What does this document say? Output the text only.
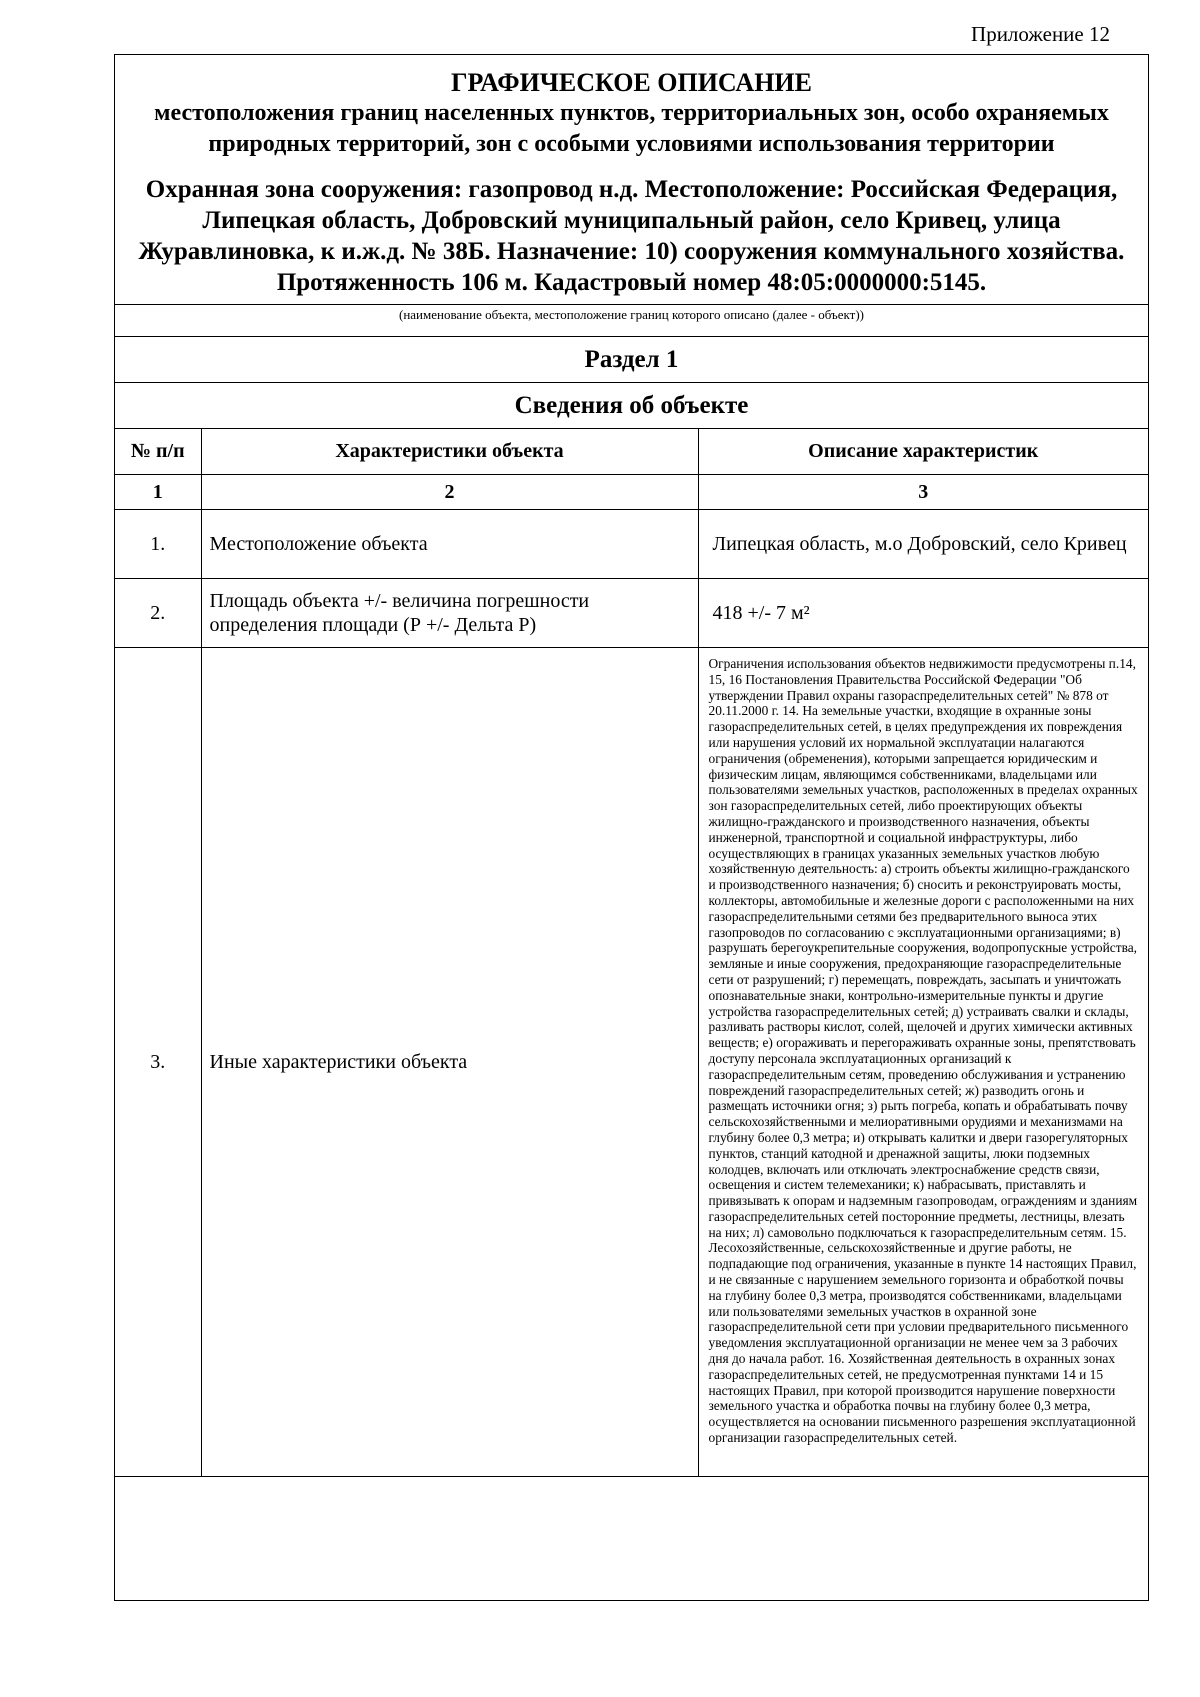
Приложение 12
ГРАФИЧЕСКОЕ ОПИСАНИЕ
местоположения границ населенных пунктов, территориальных зон, особо охраняемых природных территорий, зон с особыми условиями использования территории
Охранная зона сооружения: газопровод н.д. Местоположение: Российская Федерация, Липецкая область, Добровский муниципальный район, село Кривец, улица Журавлиновка, к и.ж.д. № 38Б. Назначение: 10) сооружения коммунального хозяйства. Протяженность 106 м. Кадастровый номер 48:05:0000000:5145.
(наименование объекта, местоположение границ которого описано (далее - объект))
Раздел 1
Сведения об объекте
№ п/п	Характеристики объекта	Описание характеристик
1	2	3
1.	Местоположение объекта	Липецкая область, м.о Добровский, село Кривец
2.	Площадь объекта +/- величина погрешности определения площади (Р +/- Дельта Р)	418 +/- 7 м²
3.	Иные характеристики объекта	Ограничения использования объектов недвижимости предусмотрены п.14, 15, 16 Постановления Правительства Российской Федерации "Об утверждении Правил охраны газораспределительных сетей" № 878 от 20.11.2000 г. 14. На земельные участки, входящие в охранные зоны газораспределительных сетей, в целях предупреждения их повреждения или нарушения условий их нормальной эксплуатации налагаются ограничения (обременения), которыми запрещается юридическим и физическим лицам, являющимся собственниками, владельцами или пользователями земельных участков, расположенных в пределах охранных зон газораспределительных сетей, либо проектирующих объекты жилищно-гражданского и производственного назначения, объекты инженерной, транспортной и социальной инфраструктуры, либо осуществляющих в границах указанных земельных участков любую хозяйственную деятельность: а) строить объекты жилищно-гражданского и производственного назначения; б) сносить и реконструировать мосты, коллекторы, автомобильные и железные дороги с расположенными на них газораспределительными сетями без предварительного выноса этих газопроводов по согласованию с эксплуатационными организациями; в) разрушать берегоукрепительные сооружения, водопропускные устройства, земляные и иные сооружения, предохраняющие газораспределительные сети от разрушений; г) перемещать, повреждать, засыпать и уничтожать опознавательные знаки, контрольно-измерительные пункты и другие устройства газораспределительных сетей; д) устраивать свалки и склады, разливать растворы кислот, солей, щелочей и других химически активных веществ; е) огораживать и перегораживать охранные зоны, препятствовать доступу персонала эксплуатационных организаций к газораспределительным сетям, проведению обслуживания и устранению повреждений газораспределительных сетей; ж) разводить огонь и размещать источники огня; з) рыть погреба, копать и обрабатывать почву сельскохозяйственными и мелиоративными орудиями и механизмами на глубину более 0,3 метра; и) открывать калитки и двери газорегуляторных пунктов, станций катодной и дренажной защиты, люки подземных колодцев, включать или отключать электроснабжение средств связи, освещения и систем телемеханики; к) набрасывать, приставлять и привязывать к опорам и надземным газопроводам, ограждениям и зданиям газораспределительных сетей посторонние предметы, лестницы, влезать на них; л) самовольно подключаться к газораспределительным сетям. 15. Лесохозяйственные, сельскохозяйственные и другие работы, не подпадающие под ограничения, указанные в пункте 14 настоящих Правил, и не связанные с нарушением земельного горизонта и обработкой почвы на глубину более 0,3 метра, производятся собственниками, владельцами или пользователями земельных участков в охранной зоне газораспределительной сети при условии предварительного письменного уведомления эксплуатационной организации не менее чем за 3 рабочих дня до начала работ. 16. Хозяйственная деятельность в охранных зонах газораспределительных сетей, не предусмотренная пунктами 14 и 15 настоящих Правил, при которой производится нарушение поверхности земельного участка и обработка почвы на глубину более 0,3 метра, осуществляется на основании письменного разрешения эксплуатационной организации газораспределительных сетей.
